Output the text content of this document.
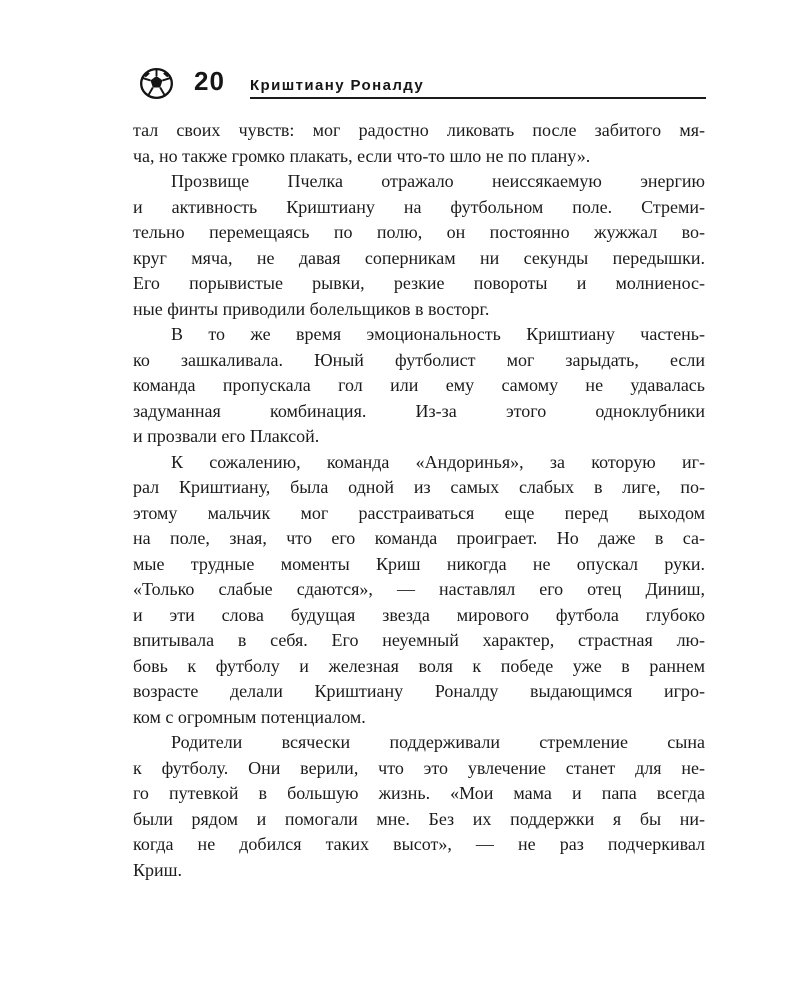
20 Криштиану Роналду
тал своих чувств: мог радостно ликовать после забитого мя-
ча, но также громко плакать, если что-то шло не по плану».
Прозвище Пчелка отражало неиссякаемую энергию
и активность Криштиану на футбольном поле. Стреми-
тельно перемещаясь по полю, он постоянно жужжал во-
круг мяча, не давая соперникам ни секунды передышки.
Его порывистые рывки, резкие повороты и молниенос-
ные финты приводили болельщиков в восторг.
В то же время эмоциональность Криштиану частень-
ко зашкаливала. Юный футболист мог зарыдать, если
команда пропускала гол или ему самому не удавалась
задуманная комбинация. Из-за этого одноклубники
и прозвали его Плаксой.
К сожалению, команда «Андоринья», за которую иг-
рал Криштиану, была одной из самых слабых в лиге, по-
этому мальчик мог расстраиваться еще перед выходом
на поле, зная, что его команда проиграет. Но даже в са-
мые трудные моменты Криш никогда не опускал руки.
«Только слабые сдаются», — наставлял его отец Диниш,
и эти слова будущая звезда мирового футбола глубоко
впитывала в себя. Его неуемный характер, страстная лю-
бовь к футболу и железная воля к победе уже в раннем
возрасте делали Криштиану Роналду выдающимся игро-
ком с огромным потенциалом.
Родители всячески поддерживали стремление сына
к футболу. Они верили, что это увлечение станет для не-
го путевкой в большую жизнь. «Мои мама и папа всегда
были рядом и помогали мне. Без их поддержки я бы ни-
когда не добился таких высот», — не раз подчеркивал
Криш.
